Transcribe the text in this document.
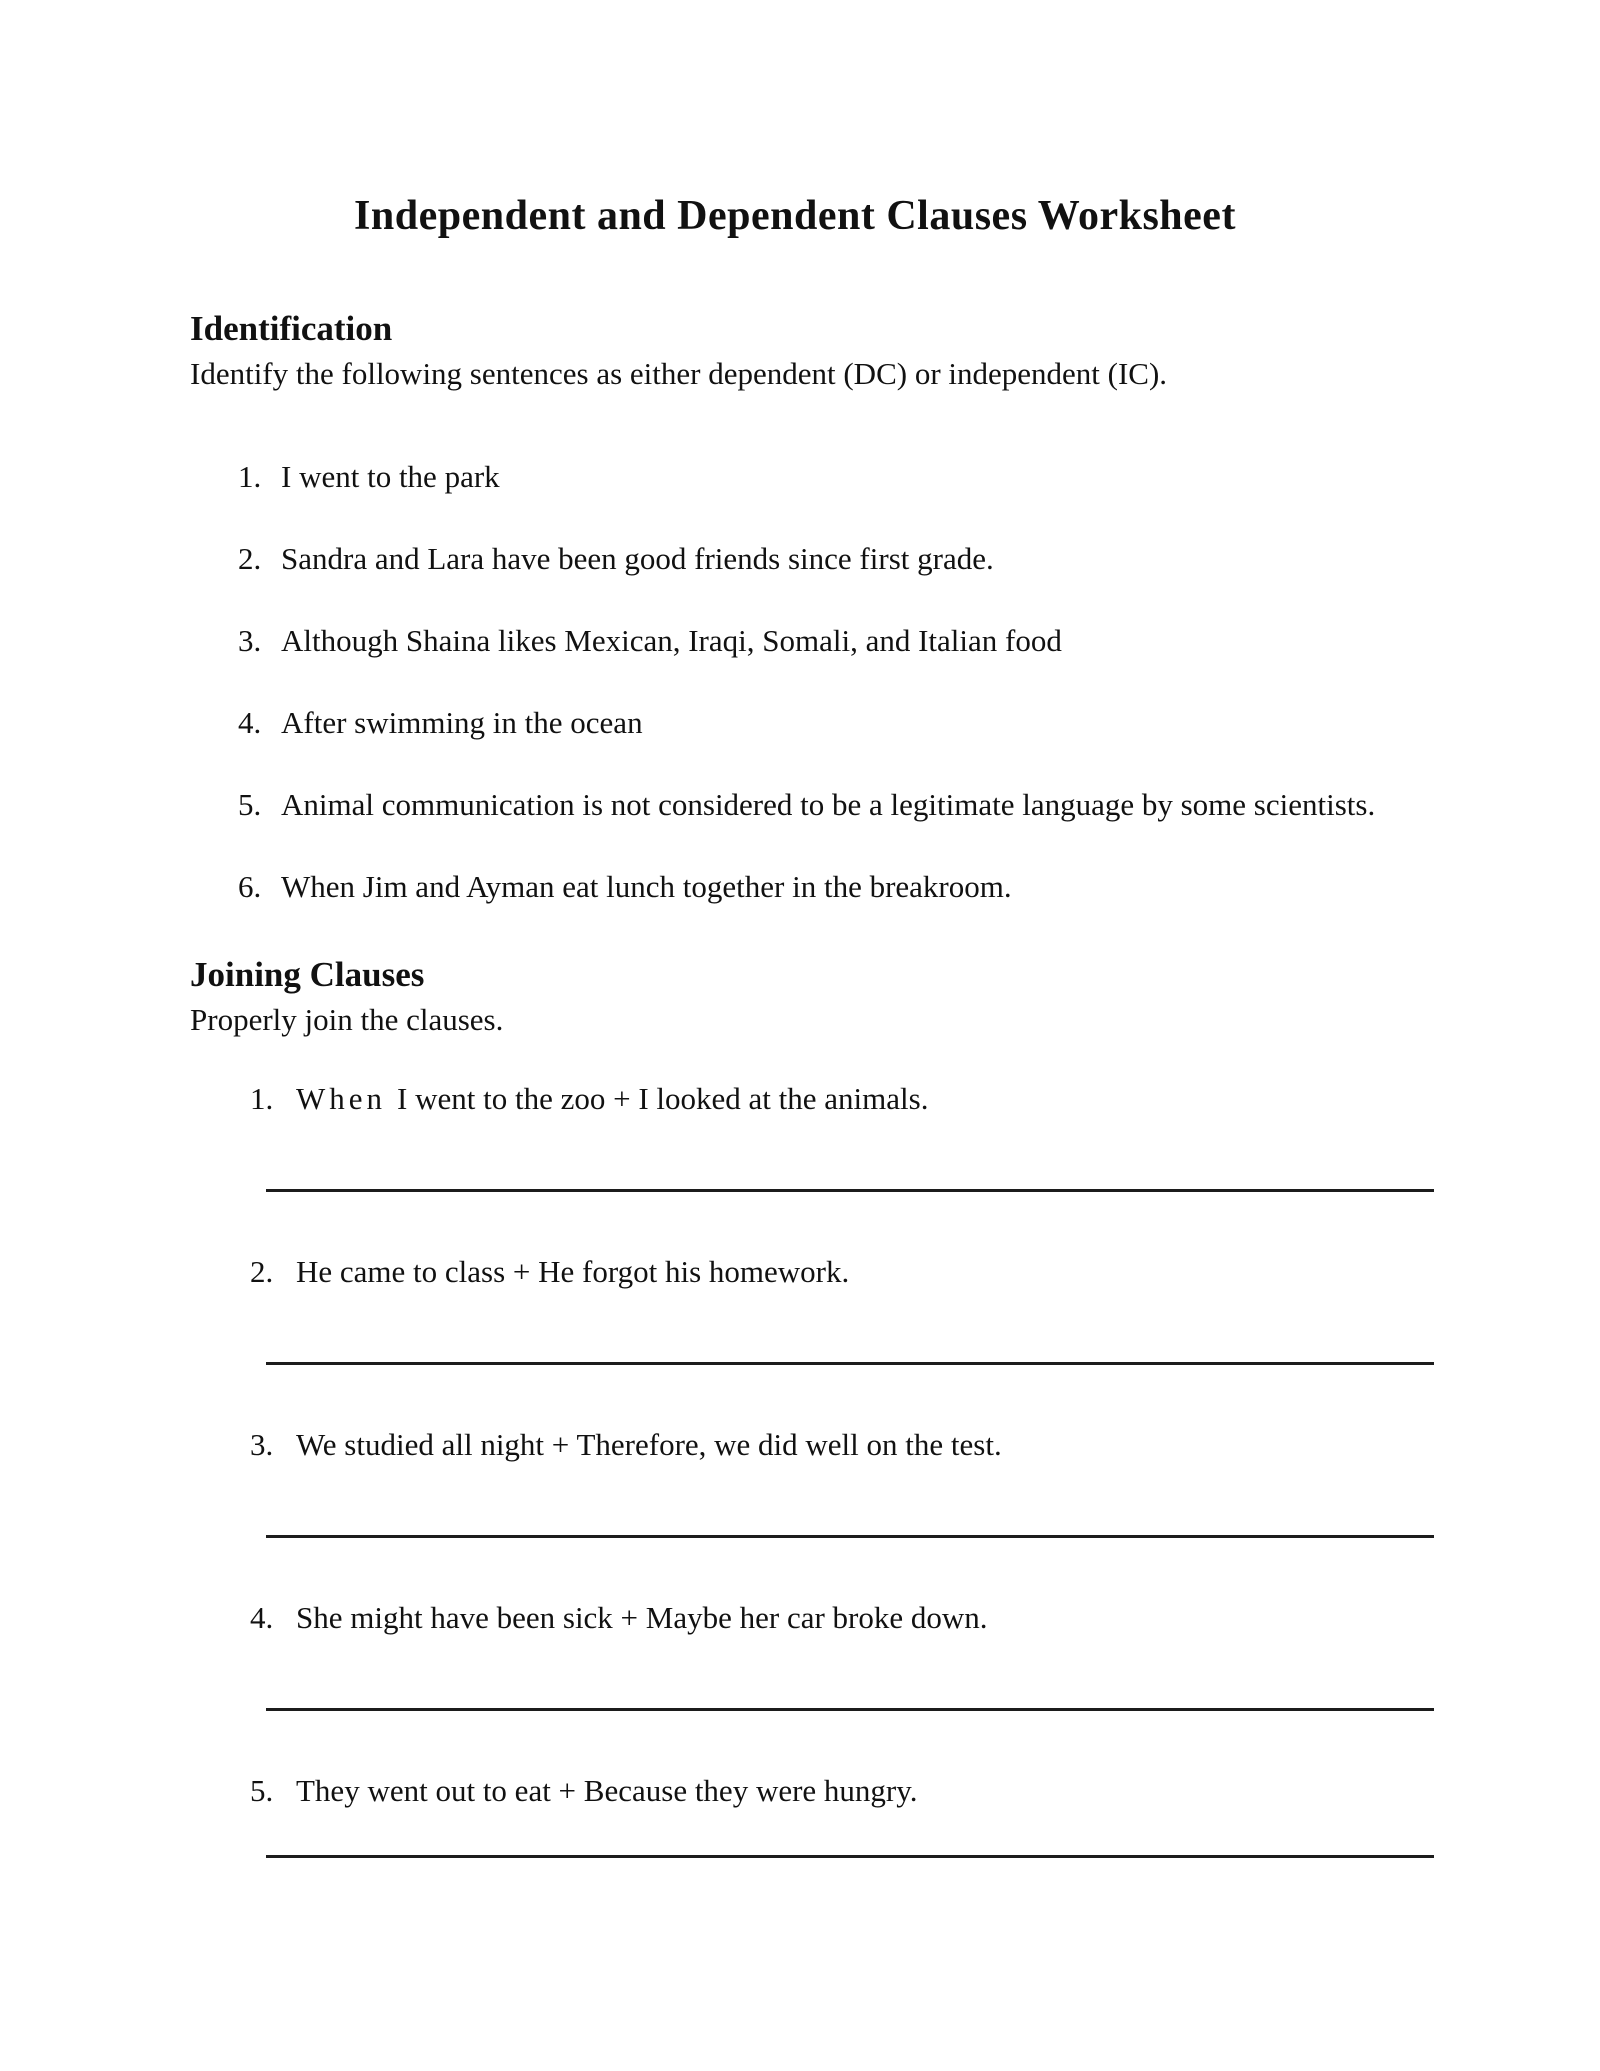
Independent and Dependent Clauses Worksheet
Identification

Identify the following sentences as either dependent (DC) or independent (IC).

1. I went to the park
2. Sandra and Lara have been good friends since first grade.
3. Although Shaina likes Mexican, Iraqi, Somali, and Italian food
4. After swimming in the ocean
5. Animal communication is not considered to be a legitimate language by some scientists.
6. When Jim and Ayman eat lunch together in the breakroom.
Joining Clauses

Properly join the clauses.

1. When I went to the zoo + I looked at the animals.
2. He came to class + He forgot his homework.
3. We studied all night + Therefore, we did well on the test.
4. She might have been sick + Maybe her car broke down.
5. They went out to eat + Because they were hungry.
